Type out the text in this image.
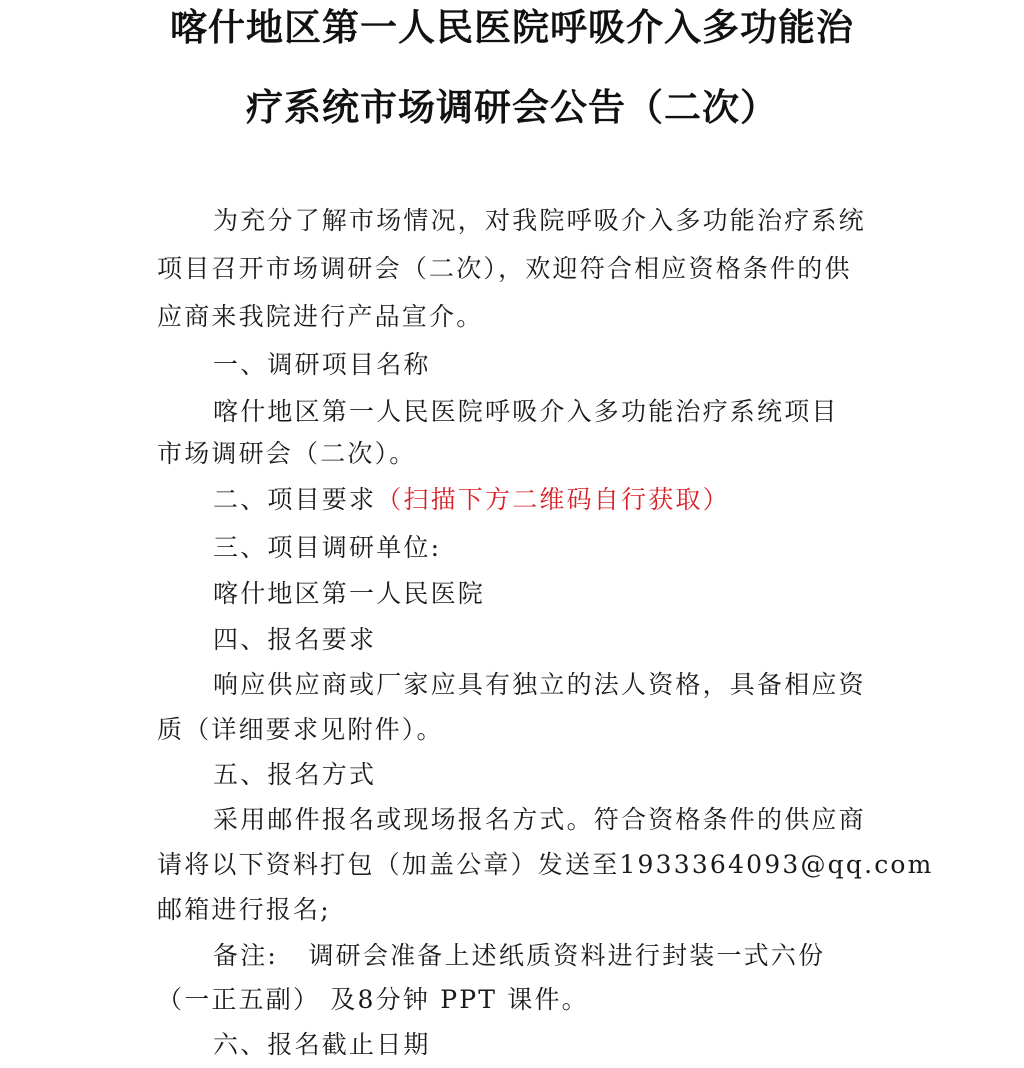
喀什地区第一人民医院呼吸介入多功能治
疗系统市场调研会公告（二次）

为充分了解市场情况，对我院呼吸介入多功能治疗系统

项目召开市场调研会（二次），欢迎符合相应资格条件的供

应商来我院进行产品宣介。

一、调研项目名称

喀什地区第一人民医院呼吸介入多功能治疗系统项目

市场调研会（二次）。

二、项目要求（扫描下方二维码自行获取）

三、项目调研单位:

喀什地区第一人民医院

四、报名要求

响应供应商或厂家应具有独立的法人资格，具备相应资

质（详细要求见附件）。

五、报名方式

采用邮件报名或现场报名方式。符合资格条件的供应商

请将以下资料打包（加盖公章）发送至1933364093@qq.com

邮箱进行报名;

备注:   调研会准备上述纸质资料进行封装一式六份

（一正五副） 及8分钟 PPT 课件。

六、报名截止日期
